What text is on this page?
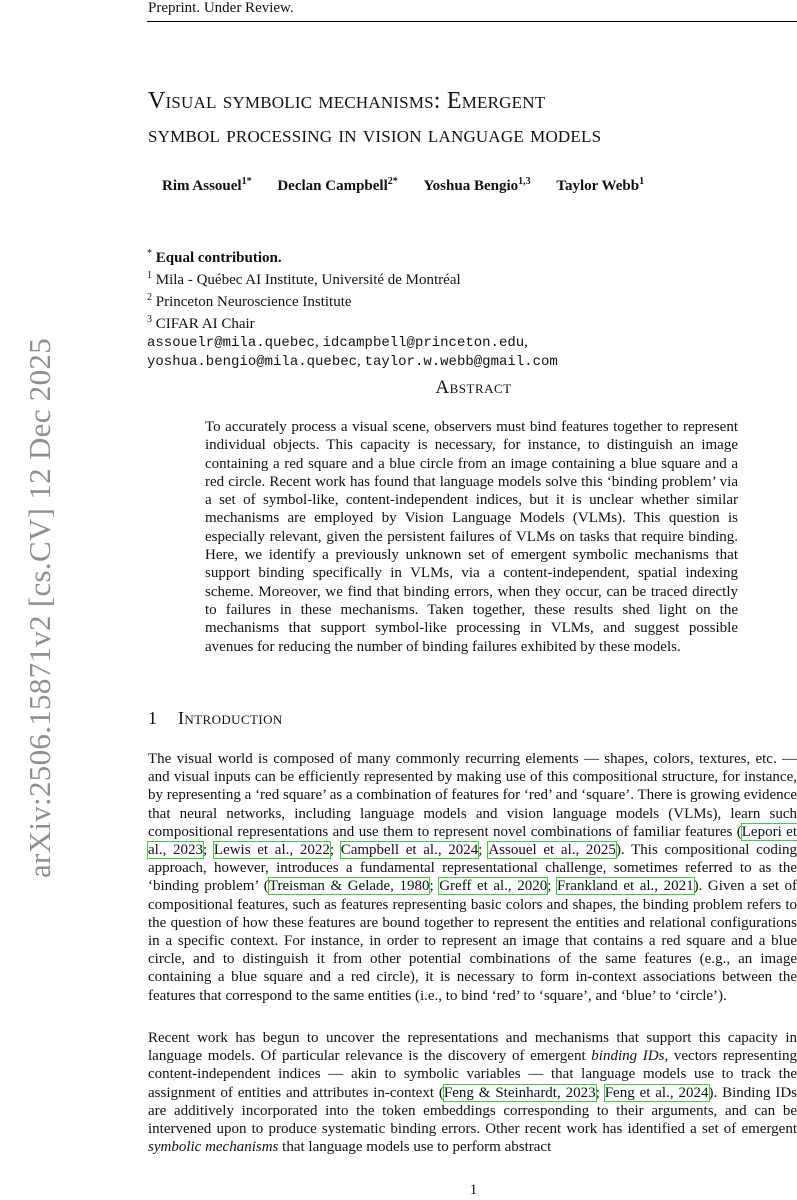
Preprint. Under Review.
arXiv:2506.15871v2 [cs.CV] 12 Dec 2025
Visual symbolic mechanisms: Emergent
symbol processing in vision language models
Rim Assouel$^{1*}$ Declan Campbell$^{2*}$ Yoshua Bengio$^{1,3}$ Taylor Webb$^1$
* Equal contribution.
$^1$ Mila - Québec AI Institute, Université de Montréal
$^2$ Princeton Neuroscience Institute
$^3$ CIFAR AI Chair
assouelr@mila.quebec, idcampbell@princeton.edu,
yoshua.bengio@mila.quebec, taylor.w.webb@gmail.com
Abstract
To accurately process a visual scene, observers must bind features together to represent individual objects. This capacity is necessary, for instance, to distinguish an image containing a red square and a blue circle from an image containing a blue square and a red circle. Recent work has found that language models solve this ‘binding problem’ via a set of symbol-like, content-independent indices, but it is unclear whether similar mechanisms are employed by Vision Language Models (VLMs). This question is especially relevant, given the persistent failures of VLMs on tasks that require binding. Here, we identify a previously unknown set of emergent symbolic mechanisms that support binding specifically in VLMs, via a content-independent, spatial indexing scheme. Moreover, we find that binding errors, when they occur, can be traced directly to failures in these mechanisms. Taken together, these results shed light on the mechanisms that support symbol-like processing in VLMs, and suggest possible avenues for reducing the number of binding failures exhibited by these models.
1 Introduction
The visual world is composed of many commonly recurring elements — shapes, colors, textures, etc. — and visual inputs can be efficiently represented by making use of this compositional structure, for instance, by representing a ‘red square’ as a combination of features for ‘red’ and ‘square’. There is growing evidence that neural networks, including language models and vision language models (VLMs), learn such compositional representations and use them to represent novel combinations of familiar features (Lepori et al., 2023; Lewis et al., 2022; Campbell et al., 2024; Assouel et al., 2025). This compositional coding approach, however, introduces a fundamental representational challenge, sometimes referred to as the ‘binding problem’ (Treisman & Gelade, 1980; Greff et al., 2020; Frankland et al., 2021). Given a set of compositional features, such as features representing basic colors and shapes, the binding problem refers to the question of how these features are bound together to represent the entities and relational configurations in a specific context. For instance, in order to represent an image that contains a red square and a blue circle, and to distinguish it from other potential combinations of the same features (e.g., an image containing a blue square and a red circle), it is necessary to form in-context associations between the features that correspond to the same entities (i.e., to bind ‘red’ to ‘square’, and ‘blue’ to ‘circle’).
Recent work has begun to uncover the representations and mechanisms that support this capacity in language models. Of particular relevance is the discovery of emergent binding IDs, vectors representing content-independent indices — akin to symbolic variables — that language models use to track the assignment of entities and attributes in-context (Feng & Steinhardt, 2023; Feng et al., 2024). Binding IDs are additively incorporated into the token embeddings corresponding to their arguments, and can be intervened upon to produce systematic binding errors. Other recent work has identified a set of emergent symbolic mechanisms that language models use to perform abstract
1
